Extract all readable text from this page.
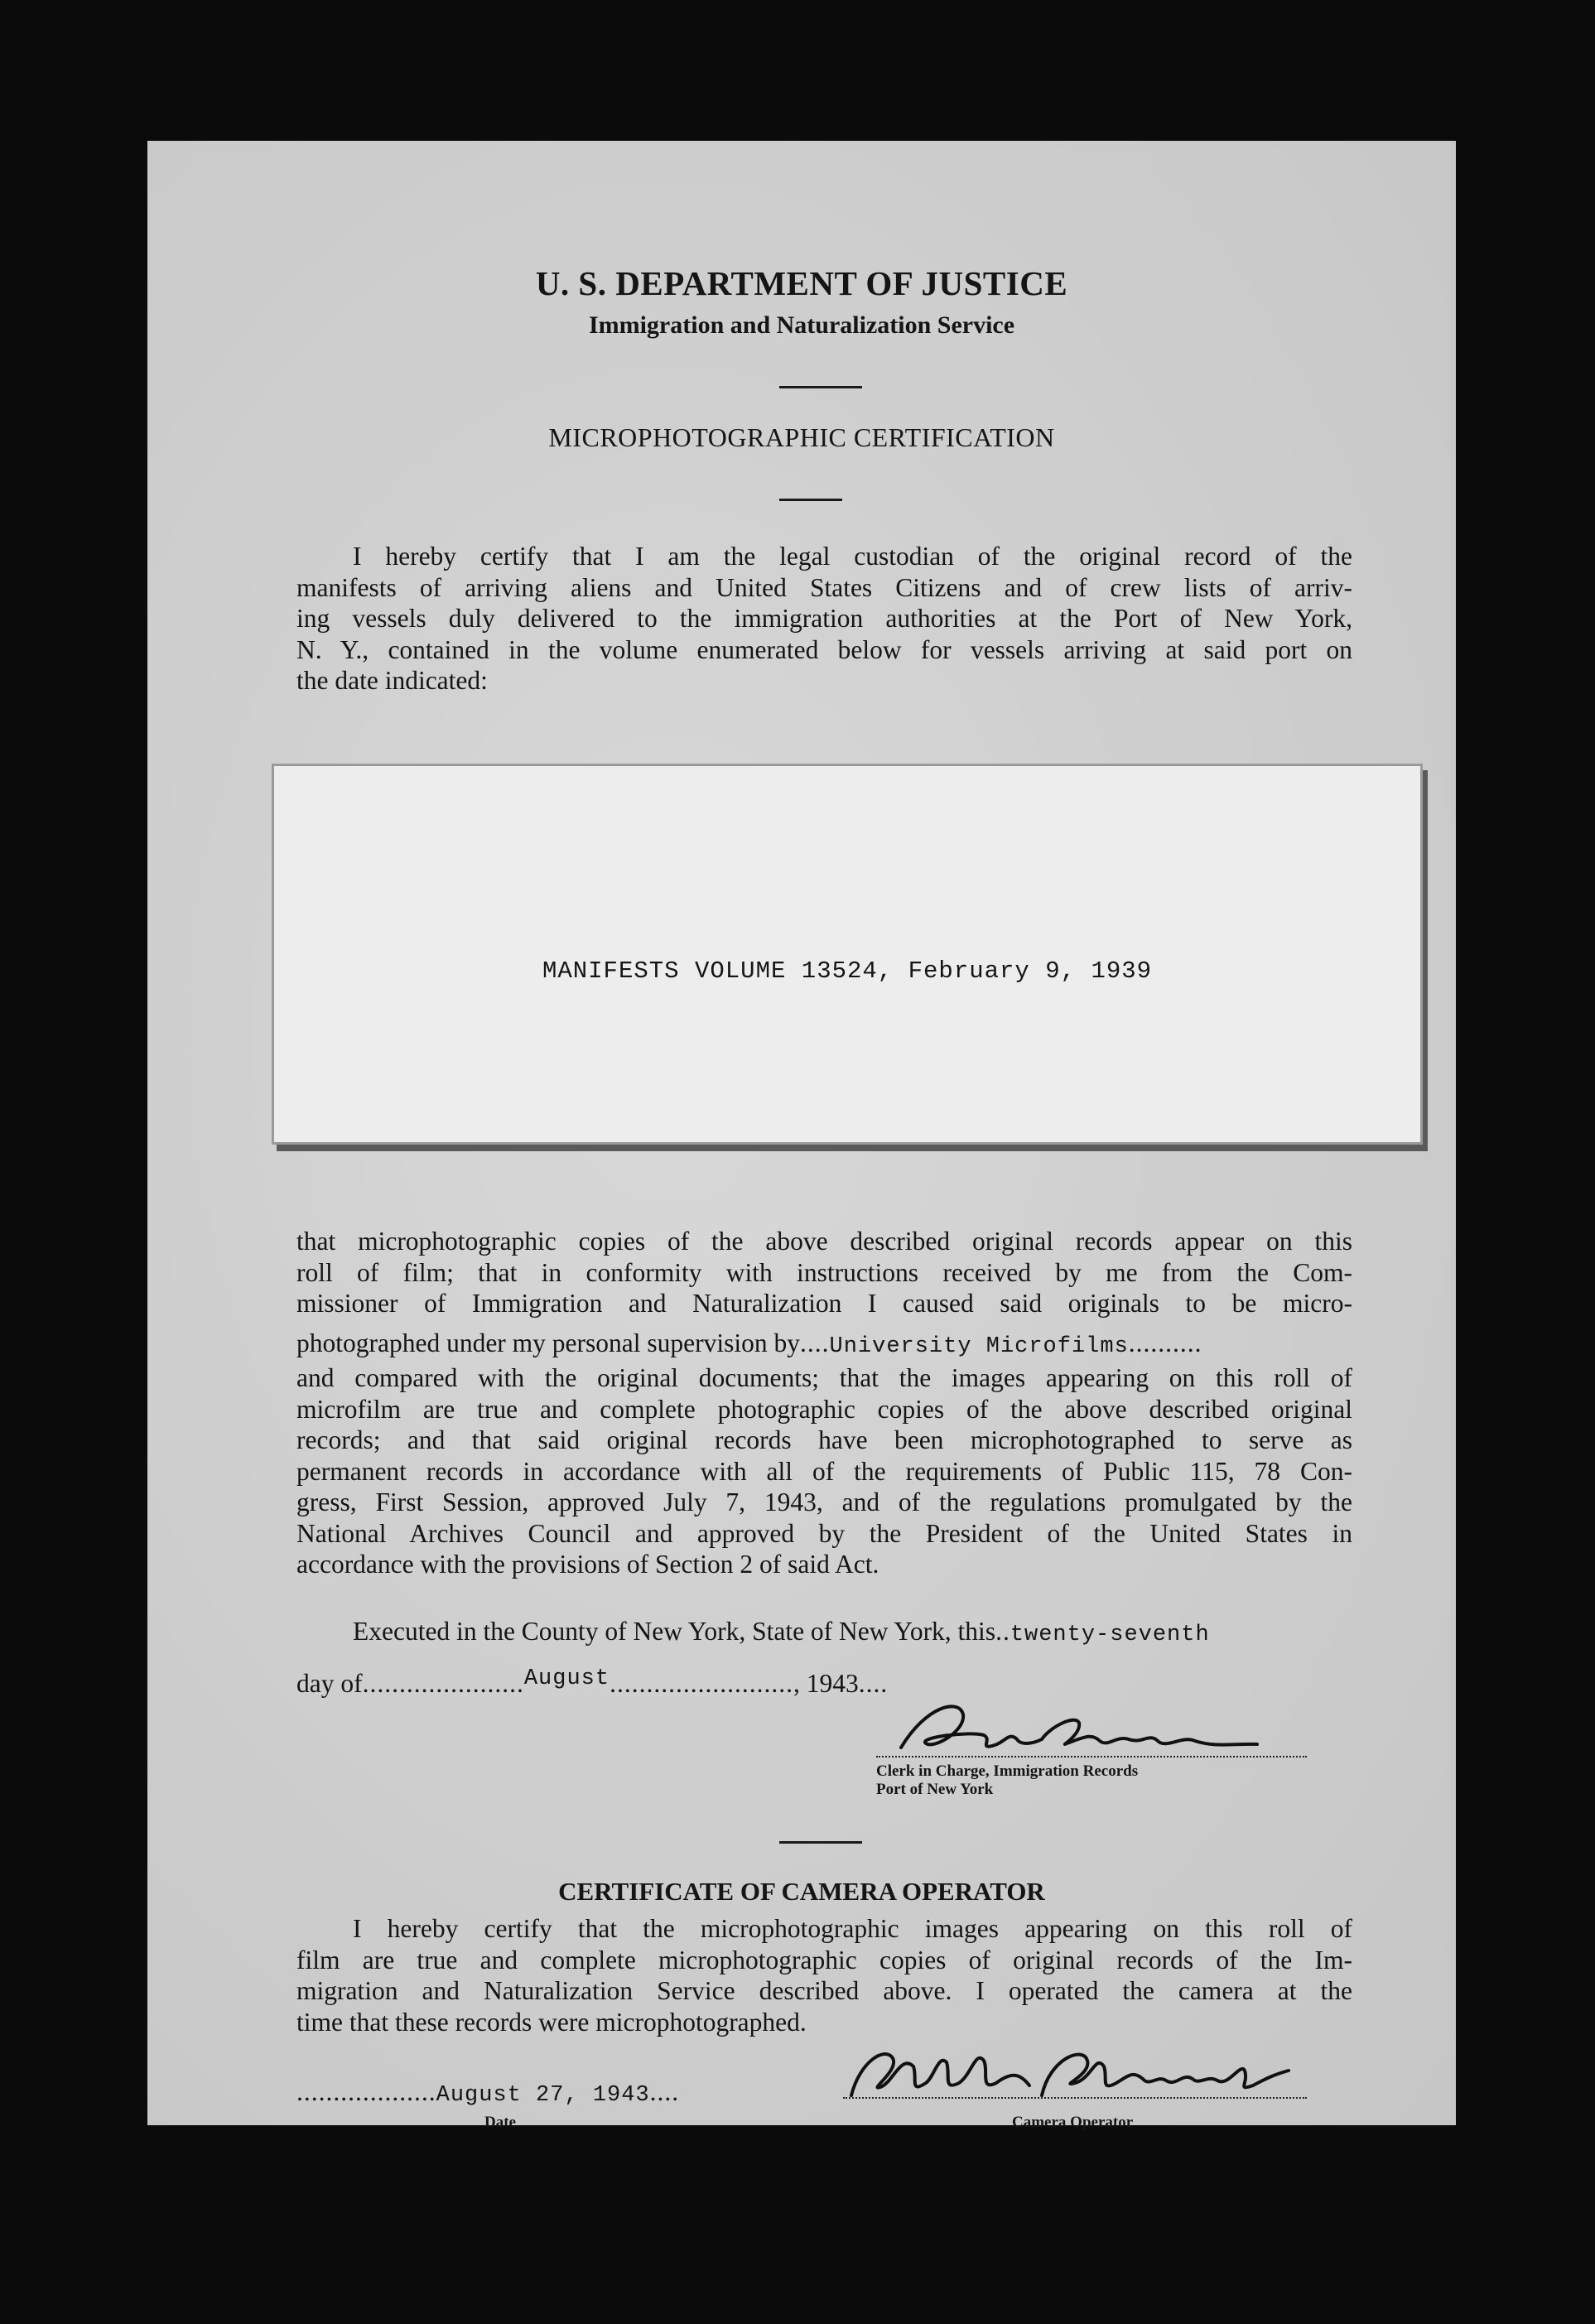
U. S. DEPARTMENT OF JUSTICE
Immigration and Naturalization Service
MICROPHOTOGRAPHIC CERTIFICATION
I hereby certify that I am the legal custodian of the original record of the
manifests of arriving aliens and United States Citizens and of crew lists of arriv-
ing vessels duly delivered to the immigration authorities at the Port of New York,
N. Y., contained in the volume enumerated below for vessels arriving at said port on
the date indicated:
MANIFESTS VOLUME 13524, February 9, 1939
that microphotographic copies of the above described original records appear on this
roll of film; that in conformity with instructions received by me from the Com-
missioner of Immigration and Naturalization I caused said originals to be micro-
photographed under my personal supervision by....University Microfilms..........
and compared with the original documents; that the images appearing on this roll of
microfilm are true and complete photographic copies of the above described original
records; and that said original records have been microphotographed to serve as
permanent records in accordance with all of the requirements of Public 115, 78 Con-
gress, First Session, approved July 7, 1943, and of the regulations promulgated by the
National Archives Council and approved by the President of the United States in
accordance with the provisions of Section 2 of said Act.
Executed in the County of New York, State of New York, this..twenty-seventh
day of......................August........................., 1943....
Clerk in Charge, Immigration Records
Port of New York
CERTIFICATE OF CAMERA OPERATOR
I hereby certify that the microphotographic images appearing on this roll of
film are true and complete microphotographic copies of original records of the Im-
migration and Naturalization Service described above. I operated the camera at the
time that these records were microphotographed.
...................August 27, 1943....
Date	Camera Operator
